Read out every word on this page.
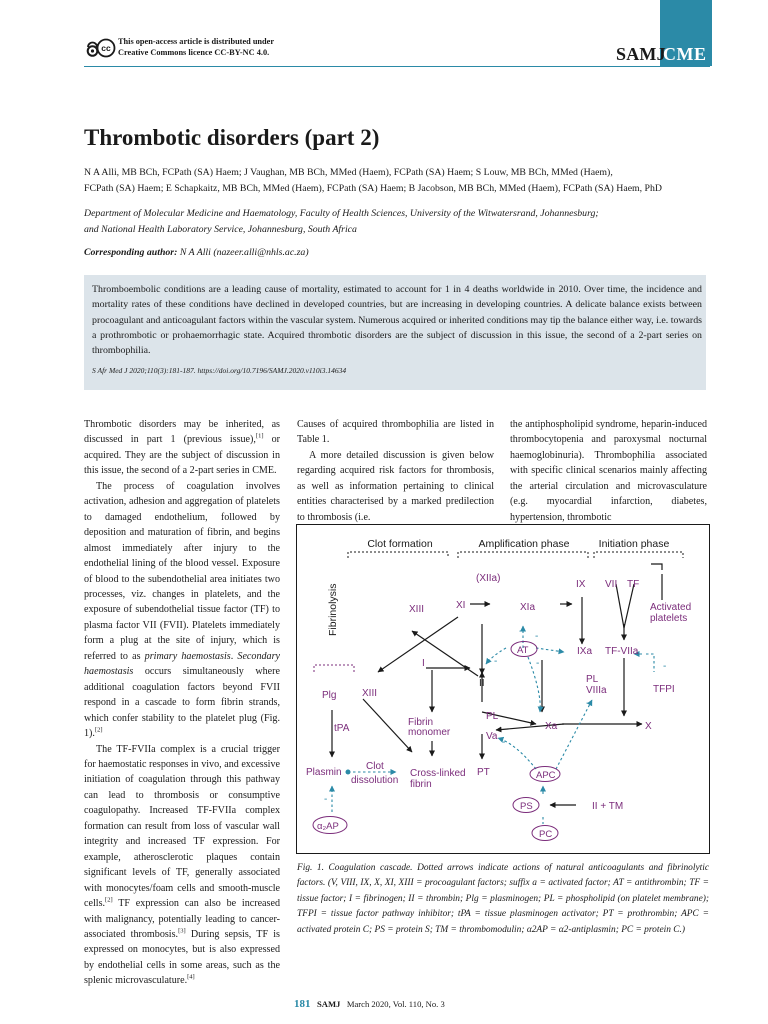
cc
This open-access article is distributed under
Creative Commons licence CC-BY-NC 4.0.	SAMJ
CME
Thrombotic disorders (part 2)
N A Alli, MB BCh, FCPath (SA) Haem; J Vaughan, MB BCh, MMed (Haem), FCPath (SA) Haem; S Louw, MB BCh, MMed (Haem),
FCPath (SA) Haem; E Schapkaitz, MB BCh, MMed (Haem), FCPath (SA) Haem; B Jacobson, MB BCh, MMed (Haem), FCPath (SA) Haem, PhD
Department of Molecular Medicine and Haematology, Faculty of Health Sciences, University of the Witwatersrand, Johannesburg;
and National Health Laboratory Service, Johannesburg, South Africa
Corresponding author: N A Alli (nazeer.alli@nhls.ac.za)
Thromboembolic conditions are a leading cause of mortality, estimated to account for 1 in 4 deaths worldwide in 2010. Over time, the incidence and mortality rates of these conditions have declined in developed countries, but are increasing in developing countries. A delicate balance exists between procoagulant and anticoagulant factors within the vascular system. Numerous acquired or inherited conditions may tip the balance either way, i.e. towards a prothrombotic or prohaemorrhagic state. Acquired thrombotic disorders are the subject of discussion in this issue, the second of a 2-part series on thrombophilia.
S Afr Med J 2020;110(3):181-187. https://doi.org/10.7196/SAMJ.2020.v110i3.14634

Thrombotic disorders may be inherited, as discussed in part 1 (previous issue),[1] or acquired. They are the subject of discussion in this issue, the second of a 2-part series in CME.

The process of coagulation involves activation, adhesion and aggregation of platelets to damaged endothelium, followed by deposition and maturation of fibrin, and begins almost immediately after injury to the endothelial lining of the blood vessel. Exposure of blood to the subendothelial area initiates two processes, viz. changes in platelets, and the exposure of subendothelial tissue factor (TF) to plasma factor VII (FVII). Platelets immediately form a plug at the site of injury, which is referred to as primary haemostasis. Secondary haemostasis occurs simultaneously where additional coagulation factors beyond FVII respond in a cascade to form fibrin strands, which confer stability to the platelet plug (Fig. 1).[2]

The TF-FVIIa complex is a crucial trigger for haemostatic responses in vivo, and excessive initiation of coagulation through this pathway can lead to thrombosis or consumptive coagulopathy. Increased TF-FVIIa complex formation can result from loss of vascular wall integrity and increased TF expression. For example, atherosclerotic plaques contain significant levels of TF, generally associated with monocytes/foam cells and smooth-muscle cells.[2] TF expression can also be increased with malignancy, potentially leading to cancer-associated thrombosis.[3] During sepsis, TF is expressed on monocytes, but is also expressed by endothelial cells in some areas, such as the splenic microvasculature.[4]

Causes of acquired thrombophilia are listed in Table 1.

A more detailed discussion is given below regarding acquired risk factors for thrombosis, as well as information pertaining to clinical entities characterised by a marked predilection to thrombosis (i.e.

the antiphospholipid syndrome, heparin-induced thrombocytopenia and paroxysmal nocturnal haemoglobinuria). Thrombophilia associated with specific clinical scenarios mainly affecting the arterial circulation and microvasculature (e.g. myocardial infarction, diabetes, hypertension, thrombotic

Clot formation	Amplification phase	Initiation phase
Fibrinolysis
(XIIa)
IX VII TF
XIII	XI	XIa	Activated
platelets
AT	IXa TF-VIIa
I
II	PL
VIIIa	TFPI
Plg	XIII
tPA
Fibrin
monomer
PL
Va
Xa	X
Clot
dissolution
Plasmin	Cross-linked
fibrin
PT	APC
PS	II + TM
PC
α₂AP
- -
-	-	-
-
-
-
Fig. 1. Coagulation cascade. Dotted arrows indicate actions of natural anticoagulants and fibrinolytic factors. (V, VIII, IX, X, XI, XIII = procoagulant factors; suffix a = activated factor; AT = antithrombin; TF = tissue factor; I = fibrinogen; II = thrombin; Plg = plasminogen; PL = phospholipid (on platelet membrane); TFPI = tissue factor pathway inhibitor; tPA = tissue plasminogen activator; PT = prothrombin; APC = activated protein C; PS = protein S; TM = thrombomodulin; α2AP = α2-antiplasmin; PC = protein C.)
181 SAMJ March 2020, Vol. 110, No. 3
